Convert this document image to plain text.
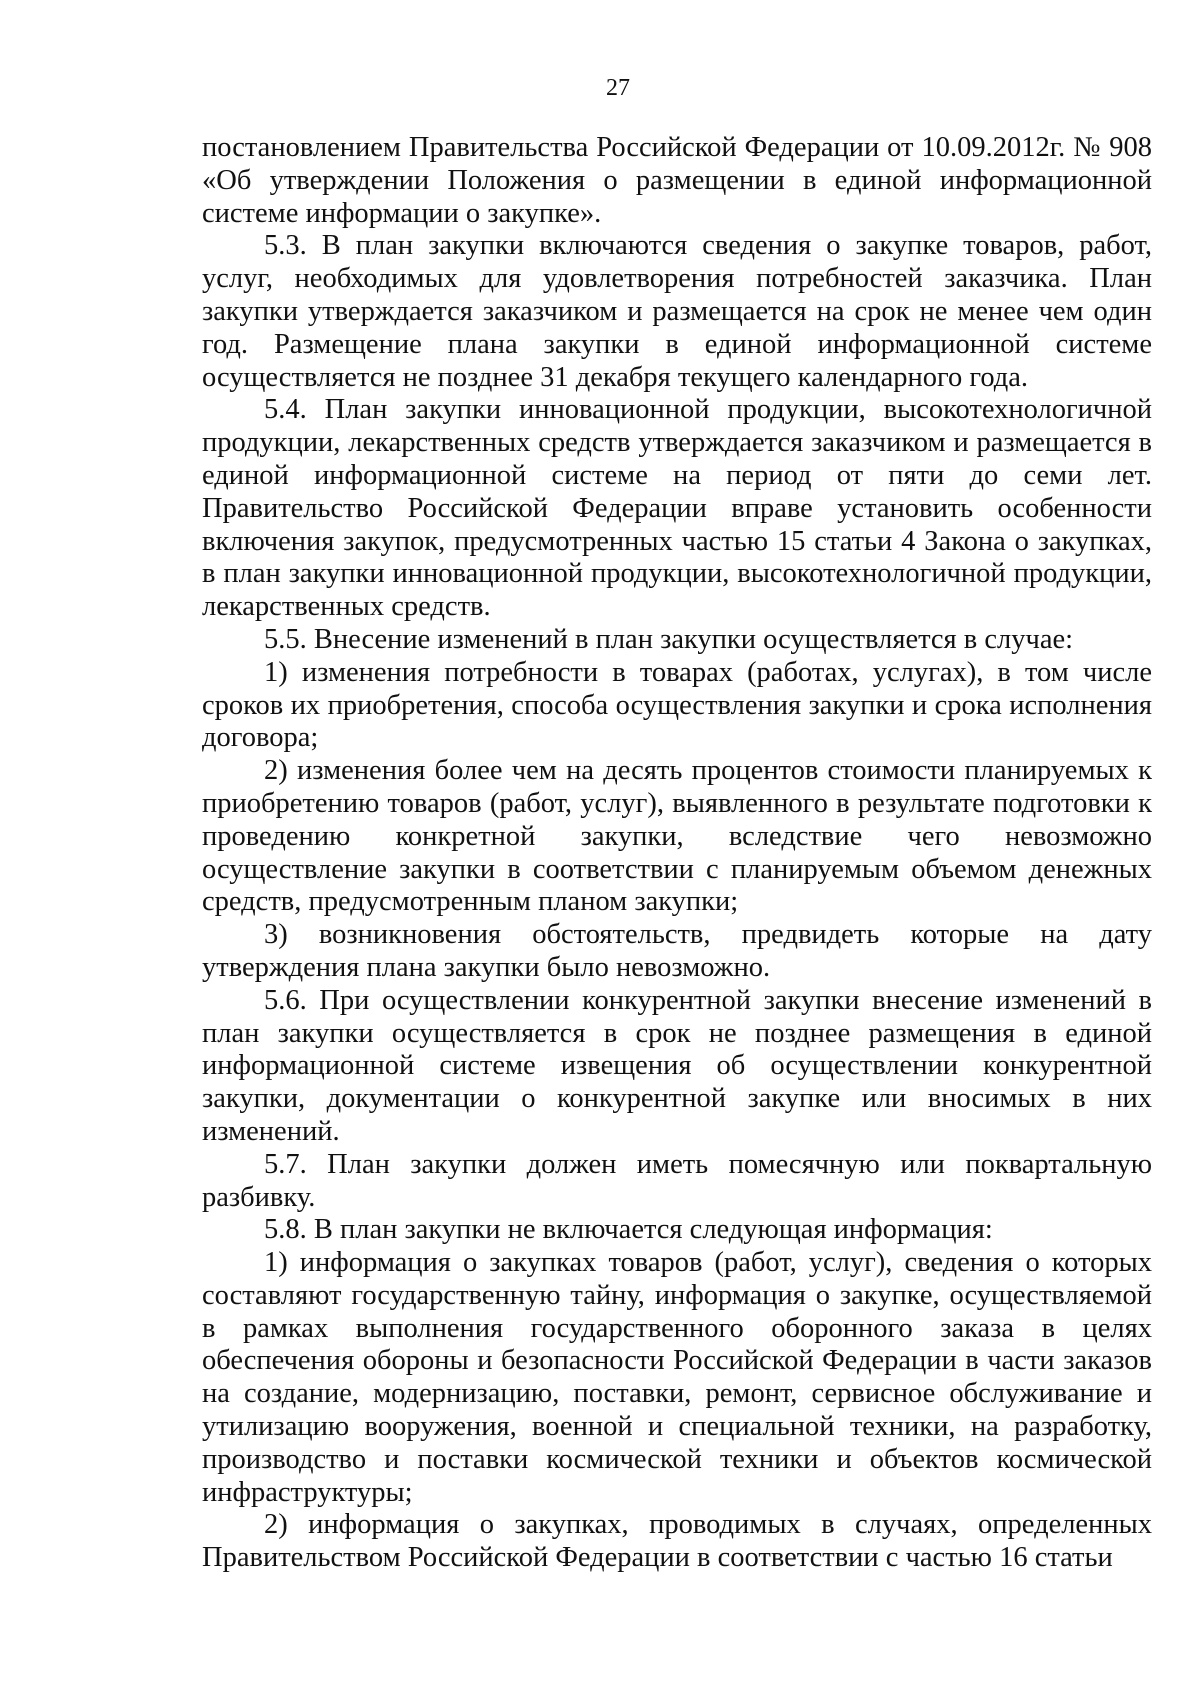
27

постановлением Правительства Российской Федерации от 10.09.2012г. № 908 «Об утверждении Положения о размещении в единой информационной системе информации о закупке».

5.3. В план закупки включаются сведения о закупке товаров, работ, услуг, необходимых для удовлетворения потребностей заказчика. План закупки утверждается заказчиком и размещается на срок не менее чем один год. Размещение плана закупки в единой информационной системе осуществляется не позднее 31 декабря текущего календарного года.

5.4. План закупки инновационной продукции, высокотехнологичной продукции, лекарственных средств утверждается заказчиком и размещается в единой информационной системе на период от пяти до семи лет. Правительство Российской Федерации вправе установить особенности включения закупок, предусмотренных частью 15 статьи 4 Закона о закупках, в план закупки инновационной продукции, высокотехнологичной продукции, лекарственных средств.

5.5. Внесение изменений в план закупки осуществляется в случае:

1) изменения потребности в товарах (работах, услугах), в том числе сроков их приобретения, способа осуществления закупки и срока исполнения договора;

2) изменения более чем на десять процентов стоимости планируемых к приобретению товаров (работ, услуг), выявленного в результате подготовки к проведению конкретной закупки, вследствие чего невозможно осуществление закупки в соответствии с планируемым объемом денежных средств, предусмотренным планом закупки;

3) возникновения обстоятельств, предвидеть которые на дату утверждения плана закупки было невозможно.

5.6. При осуществлении конкурентной закупки внесение изменений в план закупки осуществляется в срок не позднее размещения в единой информационной системе извещения об осуществлении конкурентной закупки, документации о конкурентной закупке или вносимых в них изменений.

5.7. План закупки должен иметь помесячную или поквартальную разбивку.

5.8. В план закупки не включается следующая информация:

1) информация о закупках товаров (работ, услуг), сведения о которых составляют государственную тайну, информация о закупке, осуществляемой в рамках выполнения государственного оборонного заказа в целях обеспечения обороны и безопасности Российской Федерации в части заказов на создание, модернизацию, поставки, ремонт, сервисное обслуживание и утилизацию вооружения, военной и специальной техники, на разработку, производство и поставки космической техники и объектов космической инфраструктуры;

2) информация о закупках, проводимых в случаях, определенных Правительством Российской Федерации в соответствии с частью 16 статьи
